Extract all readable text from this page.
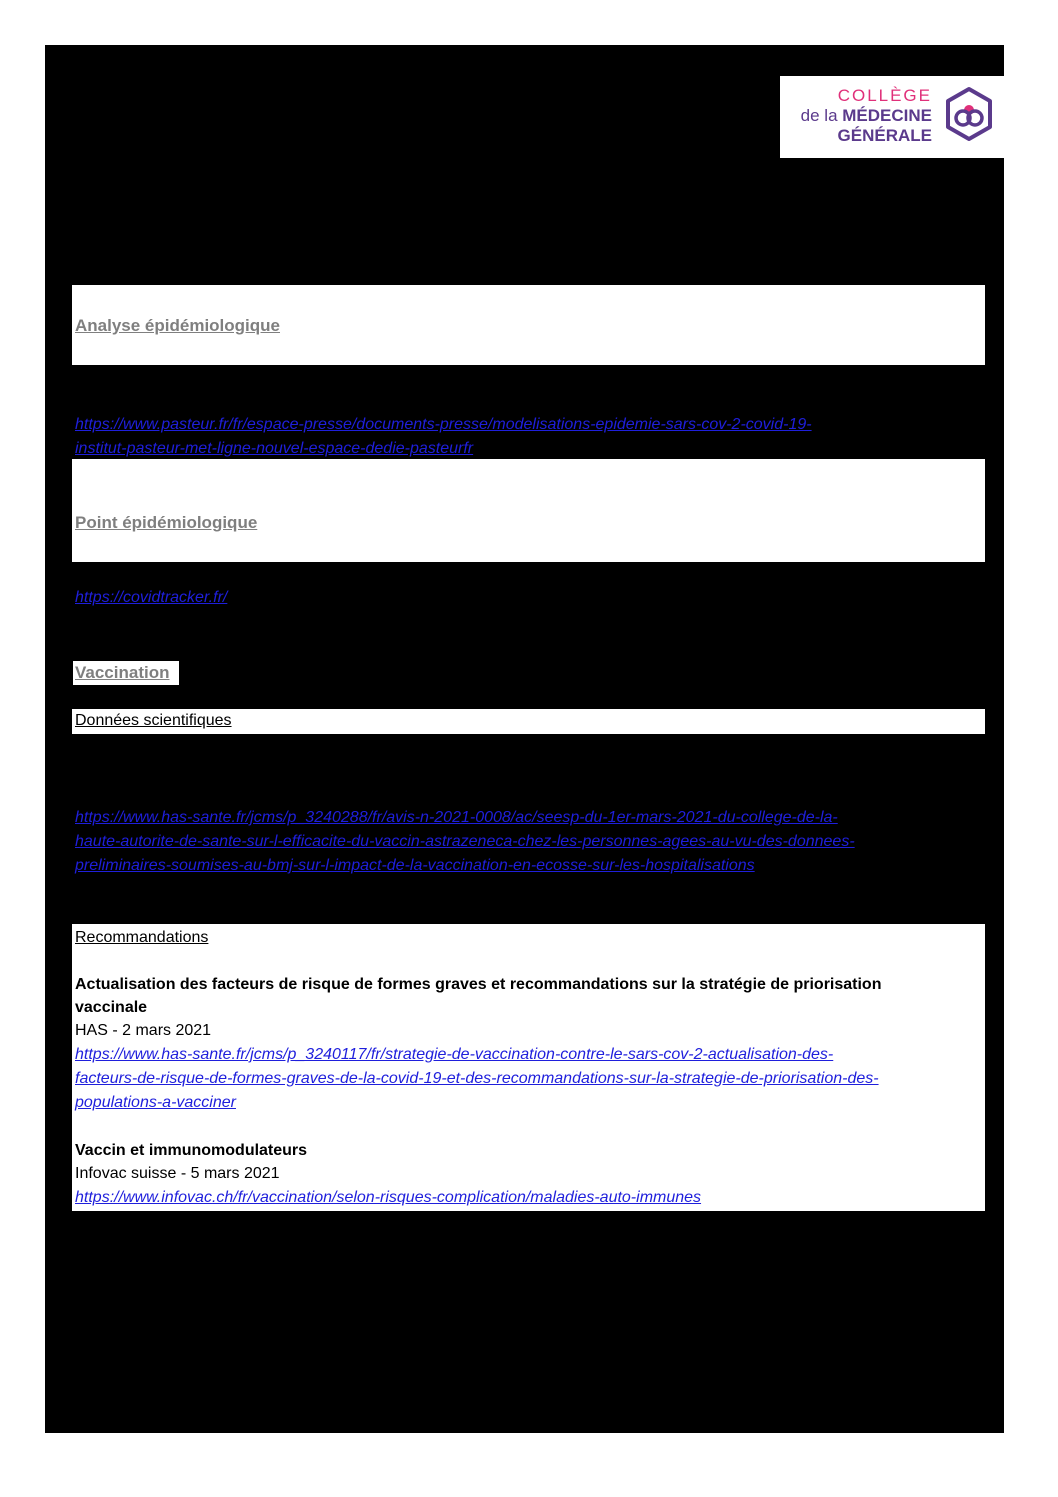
COLLÈGE
de la MÉDECINE
GÉNÉRALE
Analyse épidémiologique
https://www.pasteur.fr/fr/espace-presse/documents-presse/modelisations-epidemie-sars-cov-2-covid-19-
institut-pasteur-met-ligne-nouvel-espace-dedie-pasteurfr
Point épidémiologique
https://covidtracker.fr/
Vaccination
Données scientifiques
https://www.has-sante.fr/jcms/p_3240288/fr/avis-n-2021-0008/ac/seesp-du-1er-mars-2021-du-college-de-la-
haute-autorite-de-sante-sur-l-efficacite-du-vaccin-astrazeneca-chez-les-personnes-agees-au-vu-des-donnees-
preliminaires-soumises-au-bmj-sur-l-impact-de-la-vaccination-en-ecosse-sur-les-hospitalisations
Recommandations
Actualisation des facteurs de risque de formes graves et recommandations sur la stratégie de priorisation
vaccinale
HAS - 2 mars 2021
https://www.has-sante.fr/jcms/p_3240117/fr/strategie-de-vaccination-contre-le-sars-cov-2-actualisation-des-
facteurs-de-risque-de-formes-graves-de-la-covid-19-et-des-recommandations-sur-la-strategie-de-priorisation-des-
populations-a-vacciner
Vaccin et immunomodulateurs
Infovac suisse - 5 mars 2021
https://www.infovac.ch/fr/vaccination/selon-risques-complication/maladies-auto-immunes
